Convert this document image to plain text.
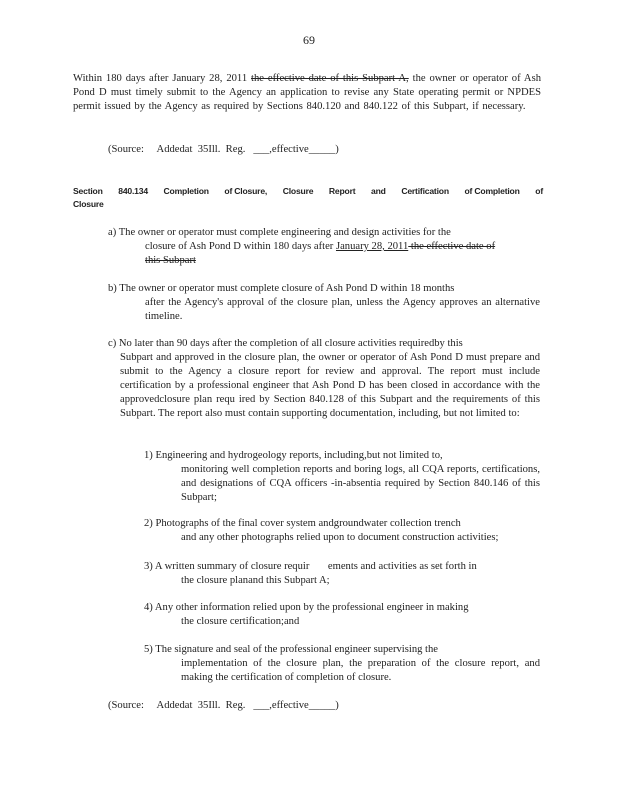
69
Within 180 days after January 28, 2011 the effective date of this Subpart A, the owner or operator of Ash Pond D must timely submit to the Agency an application to revise any State operating permit or NPDES permit issued by the Agency as required by Sections 840.120 and 840.122 of this Subpart, if necessary.
(Source:     Addedat  35Ill.  Reg.   ___,effective_____)
Section 840.134 Completion of Closure, Closure Report and Certification of Completion of
Closure
a) The owner or operator must complete engineering and design activities for the
closure of Ash Pond D within 180 days after January 28, 2011 the effective date of
this Subpart
b) The owner or operator must complete closure of Ash Pond D within 18 months
after the Agency's approval of the closure plan, unless the Agency approves an alternative timeline.
c) No later than 90 days after the completion of all closure activities requiredby this
Subpart and approved in the closure plan, the owner or operator of Ash Pond D must prepare and submit to the Agency a closure report for review and approval. The report must include certification by a professional engineer that Ash Pond D has been closed in accordance with the approvedclosure plan requ ired by Section 840.128 of this Subpart and the requirements of this Subpart. The report also must contain supporting documentation, including, but not limited to:
1) Engineering and hydrogeology reports, including,but not limited to,
monitoring well completion reports and boring logs, all CQA reports, certifications, and designations of CQA officers -in-absentia required by Section 840.146 of this Subpart;
2) Photographs of the final cover system andgroundwater collection trench
and any other photographs relied upon to document construction activities;
3) A written summary of closure requir       ements and activities as set forth in
the closure planand this Subpart A;
4) Any other information relied upon by the professional engineer in making
the closure certification;and
5) The signature and seal of the professional engineer supervising the
implementation of the closure plan, the preparation of the closure report, and making the certification of completion of closure.
(Source:     Addedat  35Ill.  Reg.   ___,effective_____)
